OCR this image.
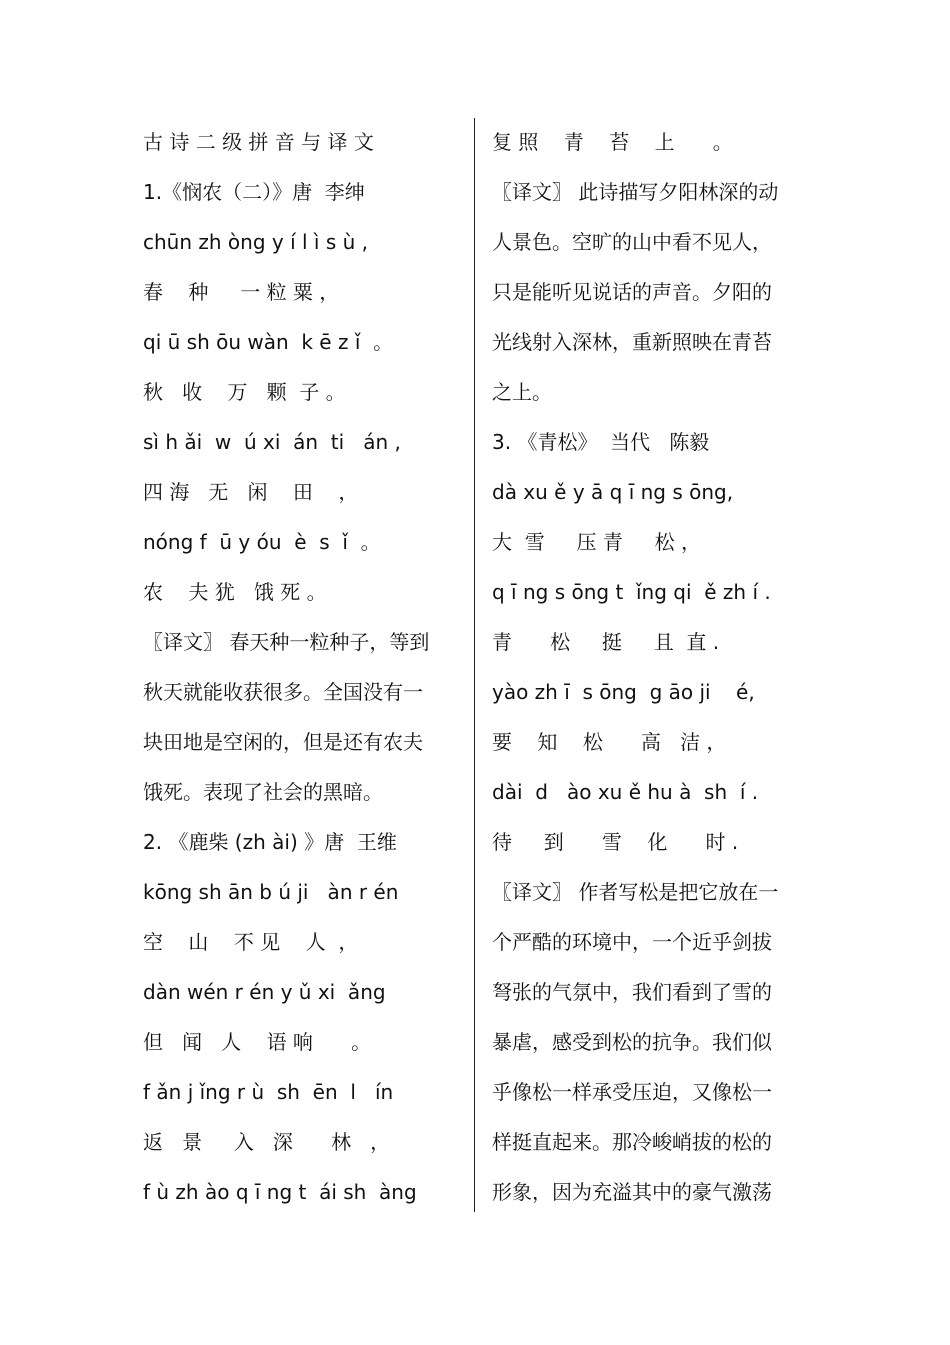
古 诗 二 级 拼 音 与 译 文
1.《悯农（二）》唐  李绅
chūn zh òng y í l ì s ù ,
春    种     一 粒 粟 ，
qi ū sh ōu wàn  k ē z ǐ  。
秋   收    万   颗  子 。
sì h ǎi  w  ú xi  án  ti   án ,
四 海   无   闲    田    ，
nóng f  ū y óu  è  s  ǐ  。
农    夫 犹   饿 死 。
〖译文〗 春天种一粒种子，等到
秋天就能收获很多。全国没有一
块田地是空闲的，但是还有农夫
饿死。表现了社会的黑暗。
2. 《鹿柴 (zh ài) 》唐  王维
kōng sh ān b ú ji   àn r én
空    山    不 见    人  ，
dàn wén r én y ǔ xi  ǎng
但   闻   人    语 响      。
f ǎn j ǐng r ù  sh  ēn  l   ín
返   景     入   深      林   ，
f ù zh ào q ī ng t  ái sh  àng
复 照    青    苔    上      。
〖译文〗 此诗描写夕阳林深的动
人景色。空旷的山中看不见人，
只是能听见说话的声音。夕阳的
光线射入深林，重新照映在青苔
之上。
3. 《青松》  当代   陈毅
dà xu ě y ā q ī ng s ōng,
大  雪     压 青     松 ，
q ī ng s ōng t  ǐng qi  ě zh í .
青      松     挺     且  直 .
yào zh ī  s ōng  g āo ji    é,
要    知    松      高   洁 ，
dài  d   ào xu ě hu à  sh  í .
待     到      雪    化      时 .
〖译文〗 作者写松是把它放在一
个严酷的环境中，一个近乎剑拔
弩张的气氛中，我们看到了雪的
暴虐，感受到松的抗争。我们似
乎像松一样承受压迫，又像松一
样挺直起来。那冷峻峭拔的松的
形象，因为充溢其中的豪气激荡
